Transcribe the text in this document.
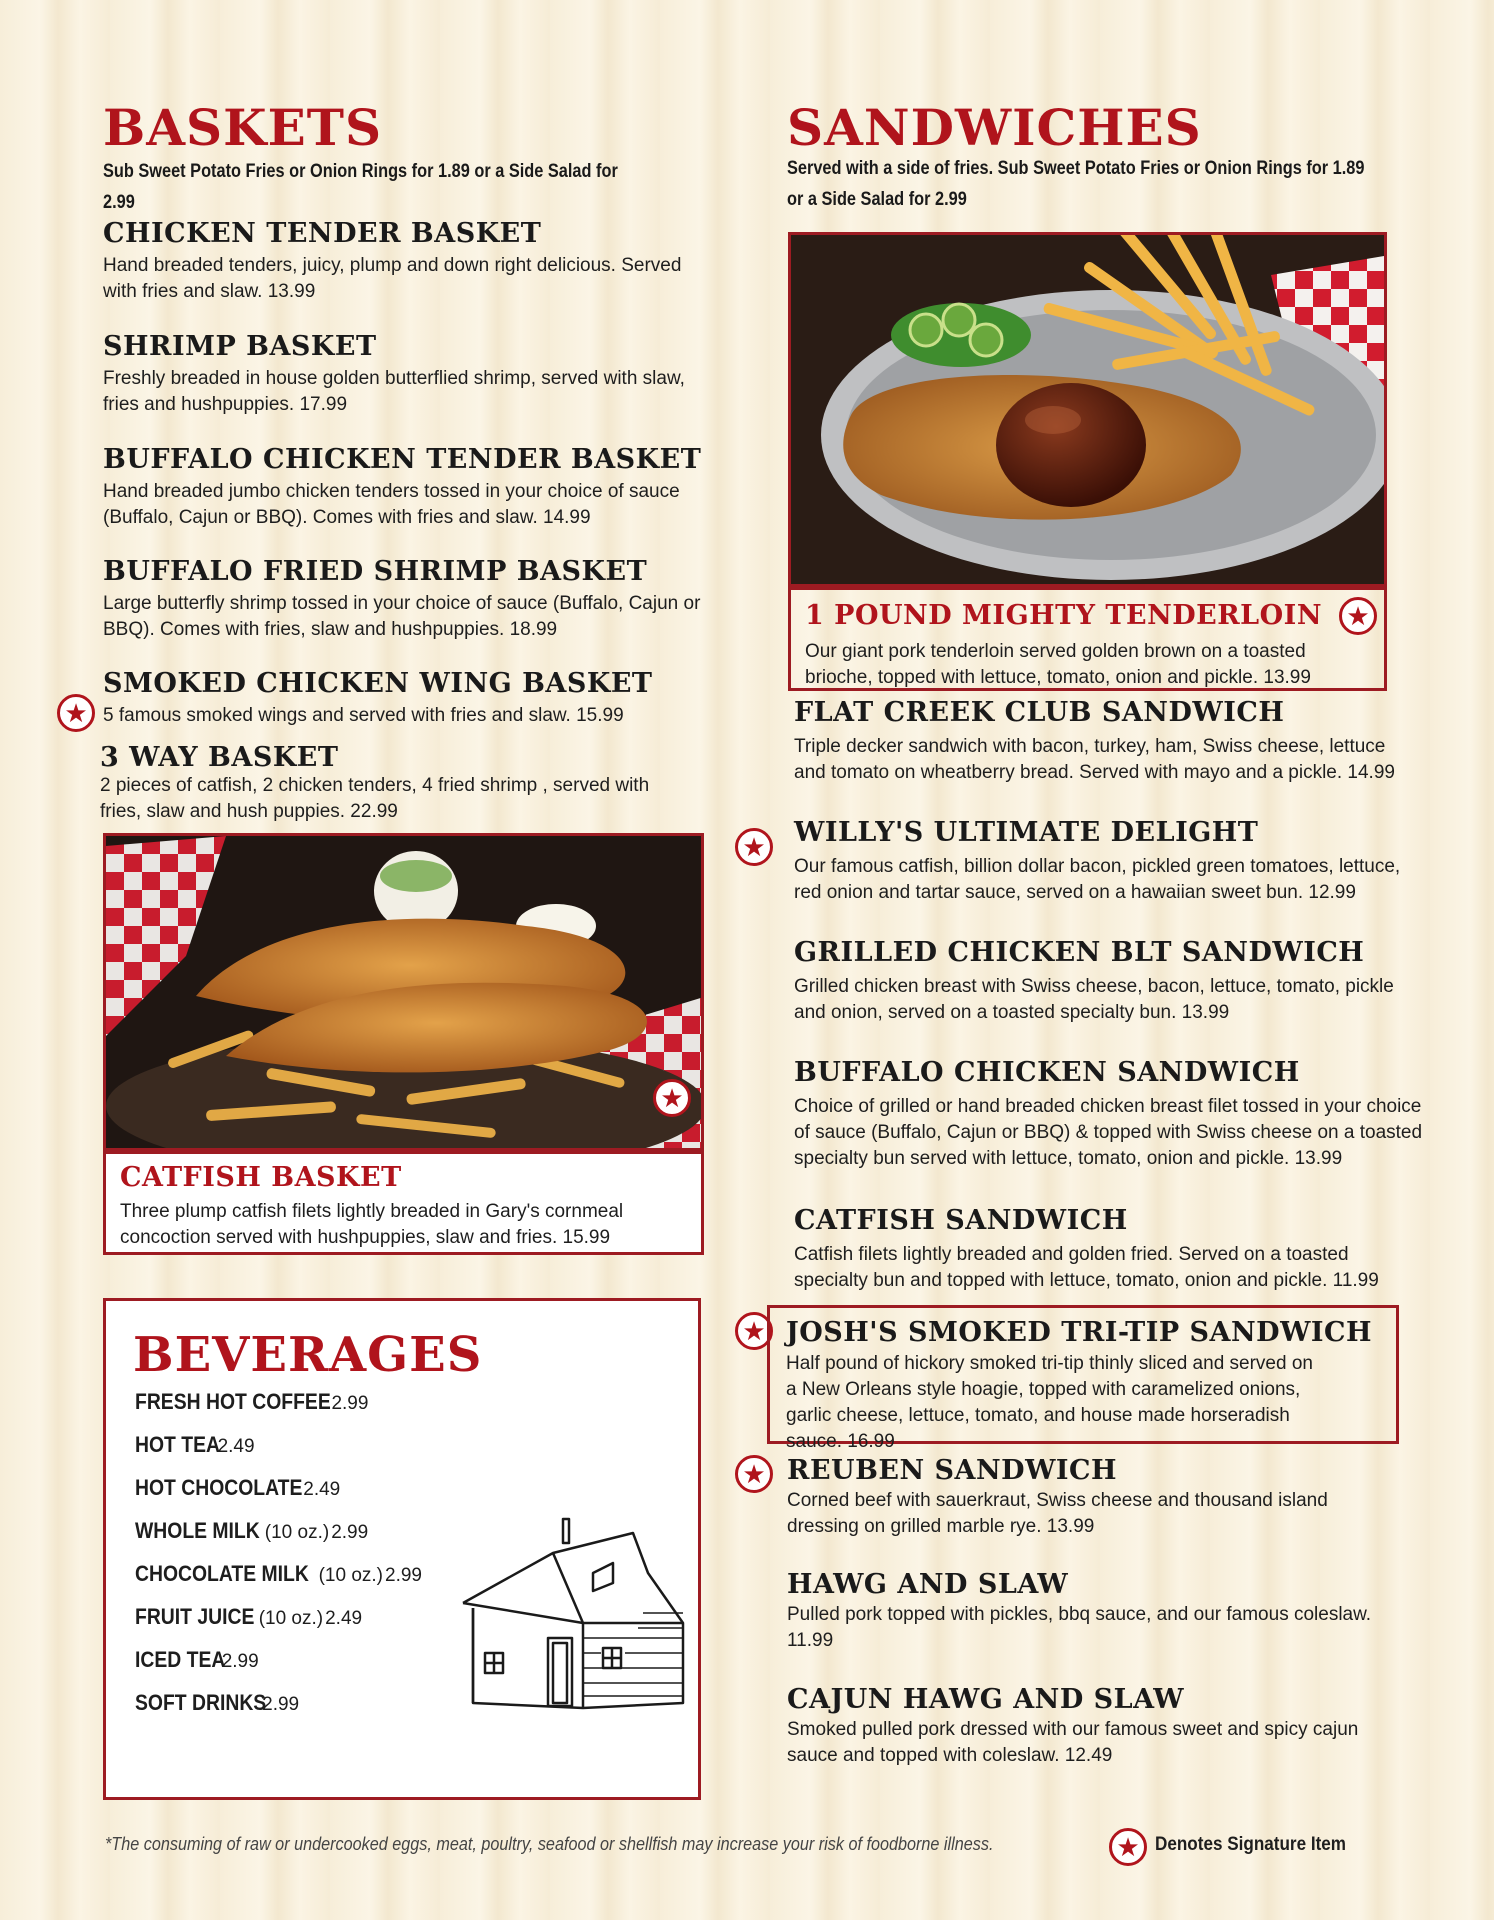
BASKETS
Sub Sweet Potato Fries or Onion Rings for 1.89 or a Side Salad for 2.99
CHICKEN TENDER BASKET

Hand breaded tenders, juicy, plump and down right delicious. Served with fries and slaw. 13.99

SHRIMP BASKET

Freshly breaded in house golden butterflied shrimp, served with slaw, fries and hushpuppies. 17.99

BUFFALO CHICKEN TENDER BASKET

Hand breaded jumbo chicken tenders tossed in your choice of sauce (Buffalo, Cajun or BBQ). Comes with fries and slaw. 14.99

BUFFALO FRIED SHRIMP BASKET

Large butterfly shrimp tossed in your choice of sauce (Buffalo, Cajun or BBQ). Comes with fries, slaw and hushpuppies. 18.99

★
SMOKED CHICKEN WING BASKET

5 famous smoked wings and served with fries and slaw. 15.99

3 WAY BASKET

2 pieces of catfish, 2 chicken tenders, 4 fried shrimp , served with fries, slaw and hush puppies. 22.99

★
CATFISH BASKET

Three plump catfish filets lightly breaded in Gary's cornmeal concoction served with hushpuppies, slaw and fries. 15.99

BEVERAGES
FRESH HOT COFFEE 2.99
HOT TEA
2.49
HOT CHOCOLATE 2.49
WHOLE MILK (10 oz.) 2.99
CHOCOLATE MILK (10 oz.) 2.99
FRUIT JUICE (10 oz.) 2.49
ICED TEA
2.99
SOFT DRINKS
2.99
SANDWICHES
Served with a side of fries. Sub Sweet Potato Fries or Onion Rings for 1.89 or a Side Salad for 2.99
★
1 POUND MIGHTY TENDERLOIN

Our giant pork tenderloin served golden brown on a toasted brioche, topped with lettuce, tomato, onion and pickle. 13.99

FLAT CREEK CLUB SANDWICH

Triple decker sandwich with bacon, turkey, ham, Swiss cheese, lettuce and tomato on wheatberry bread. Served with mayo and a pickle. 14.99

★ WILLY'S ULTIMATE DELIGHT

Our famous catfish, billion dollar bacon, pickled green tomatoes, lettuce, red onion and tartar sauce, served on a hawaiian sweet bun. 12.99

GRILLED CHICKEN BLT SANDWICH

Grilled chicken breast with Swiss cheese, bacon, lettuce, tomato, pickle and onion, served on a toasted specialty bun. 13.99

BUFFALO CHICKEN SANDWICH

Choice of grilled or hand breaded chicken breast filet tossed in your choice of sauce (Buffalo, Cajun or BBQ) & topped with Swiss cheese on a toasted specialty bun served with lettuce, tomato, onion and pickle. 13.99

CATFISH SANDWICH

Catfish filets lightly breaded and golden fried. Served on a toasted specialty bun and topped with lettuce, tomato, onion and pickle. 11.99

★ JOSH'S SMOKED TRI-TIP SANDWICH

Half pound of hickory smoked tri-tip thinly sliced and served on a New Orleans style hoagie, topped with caramelized onions, garlic cheese, lettuce, tomato, and house made horseradish sauce. 16.99

★ REUBEN SANDWICH

Corned beef with sauerkraut, Swiss cheese and thousand island dressing on grilled marble rye. 13.99

HAWG AND SLAW

Pulled pork topped with pickles, bbq sauce, and our famous coleslaw. 11.99

CAJUN HAWG AND SLAW

Smoked pulled pork dressed with our famous sweet and spicy cajun sauce and topped with coleslaw. 12.49

*The consuming of raw or undercooked eggs, meat, poultry, seafood or shellfish may increase your risk of foodborne illness.	★ Denotes Signature Item
